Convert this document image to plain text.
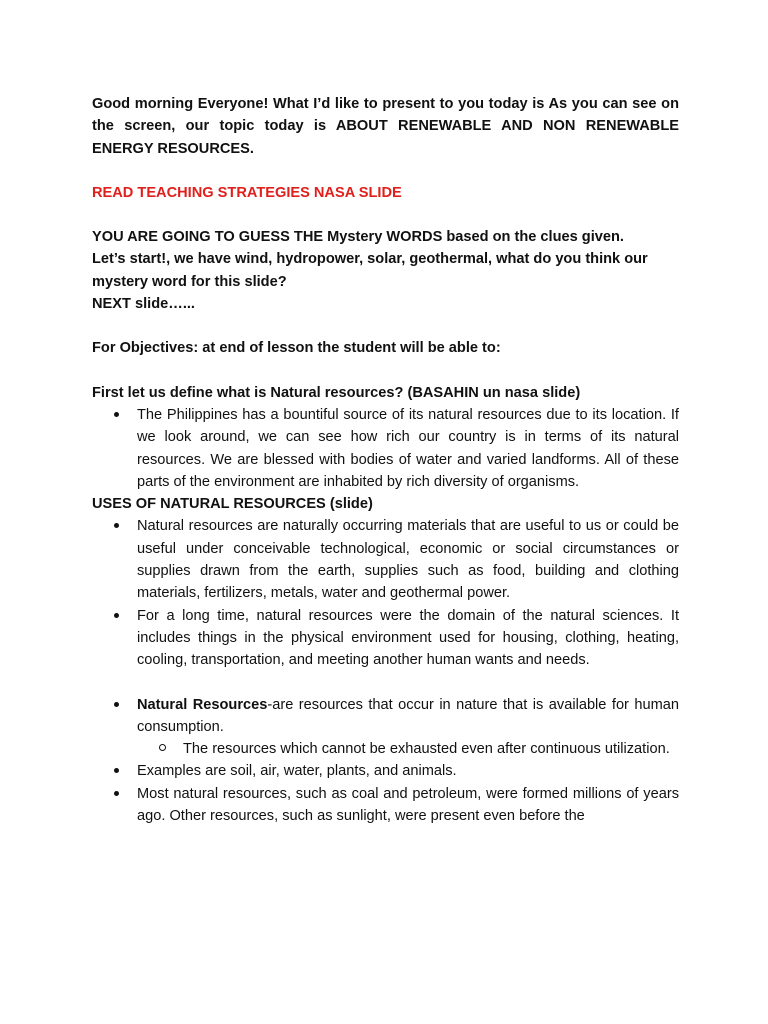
Good morning Everyone! What I’d like to present to you today is As you can see on the screen, our topic today is ABOUT RENEWABLE AND NON RENEWABLE ENERGY RESOURCES.

READ TEACHING STRATEGIES NASA SLIDE

YOU ARE GOING TO GUESS THE Mystery WORDS based on the clues given.

Let’s start!, we have wind, hydropower, solar, geothermal, what do you think our mystery word for this slide?

NEXT slide…...

For Objectives: at end of lesson the student will be able to:

First let us define what is Natural resources? (BASAHIN un nasa slide)

The Philippines has a bountiful source of its natural resources due to its location. If we look around, we can see how rich our country is in terms of its natural resources. We are blessed with bodies of water and varied landforms. All of these parts of the environment are inhabited by rich diversity of organisms.

USES OF NATURAL RESOURCES (slide)

Natural resources are naturally occurring materials that are useful to us or could be useful under conceivable technological, economic or social circumstances or supplies drawn from the earth, supplies such as food, building and clothing materials, fertilizers, metals, water and geothermal power.
For a long time, natural resources were the domain of the natural sciences. It includes things in the physical environment used for housing, clothing, heating, cooling, transportation, and meeting another human wants and needs.
Natural Resources-are resources that occur in nature that is available for human consumption.
The resources which cannot be exhausted even after continuous utilization.
Examples are soil, air, water, plants, and animals.
Most natural resources, such as coal and petroleum, were formed millions of years ago. Other resources, such as sunlight, were present even before the
